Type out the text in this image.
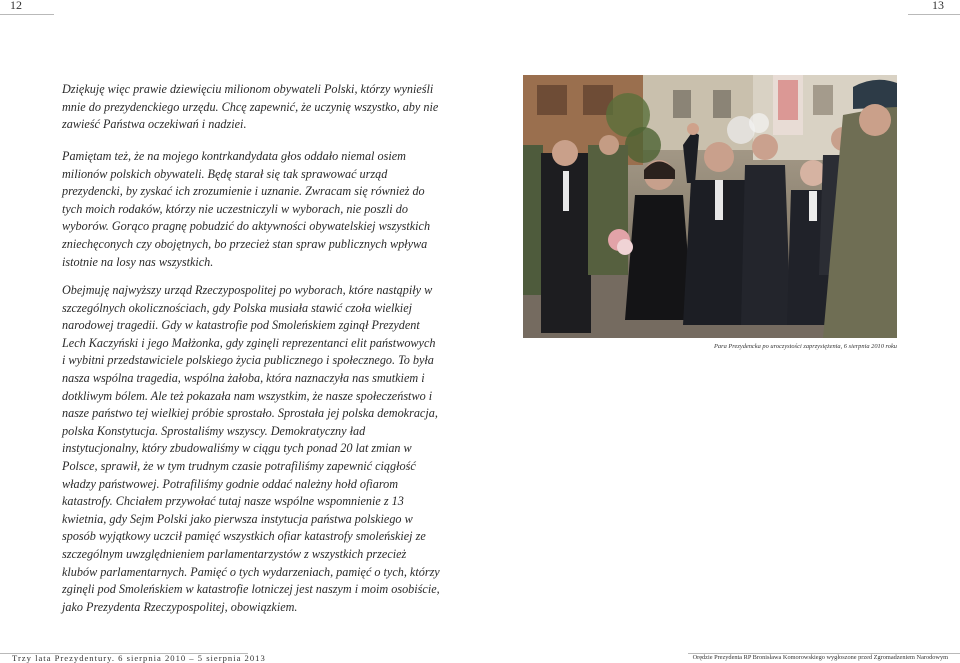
12	13

Dziękuję więc prawie dziewięciu milionom obywateli Polski, którzy wynieśli mnie do prezydenckiego urzędu. Chcę zapewnić, że uczynię wszystko, aby nie zawieść Państwa oczekiwań i nadziei.

Pamiętam też, że na mojego kontrkandydata głos oddało niemal osiem milionów polskich obywateli. Będę starał się tak sprawować urząd prezydencki, by zyskać ich zrozumienie i uznanie. Zwracam się również do tych moich rodaków, którzy nie uczestniczyli w wyborach, nie poszli do wyborów. Gorąco pragnę pobudzić do aktywności obywatelskiej wszystkich zniechęconych czy obojętnych, bo przecież stan spraw publicznych wpływa istotnie na losy nas wszystkich.

Obejmuję najwyższy urząd Rzeczypospolitej po wyborach, które nastąpiły w szczególnych okolicznościach, gdy Polska musiała stawić czoła wielkiej narodowej tragedii. Gdy w katastrofie pod Smoleńskiem zginął Prezydent Lech Kaczyński i jego Małżonka, gdy zginęli reprezentanci elit państwowych i wybitni przedstawiciele polskiego życia publicznego i społecznego. To była nasza wspólna tragedia, wspólna żałoba, która naznaczyła nas smutkiem i dotkliwym bólem. Ale też pokazała nam wszystkim, że nasze społeczeństwo i nasze państwo tej wielkiej próbie sprostało. Sprostała jej polska demokracja, polska Konstytucja. Sprostaliśmy wszyscy. Demokratyczny ład instytucjonalny, który zbudowaliśmy w ciągu tych ponad 20 lat zmian w Polsce, sprawił, że w tym trudnym czasie potrafiliśmy zapewnić ciągłość władzy państwowej. Potrafiliśmy godnie oddać należny hołd ofiarom katastrofy. Chciałem przywołać tutaj nasze wspólne wspomnienie z 13 kwietnia, gdy Sejm Polski jako pierwsza instytucja państwa polskiego w sposób wyjątkowy uczcił pamięć wszystkich ofiar katastrofy smoleńskiej ze szczególnym uwzględnieniem parlamentarzystów z wszystkich przecież klubów parlamentarnych. Pamięć o tych wydarzeniach, pamięć o tych, którzy zginęli pod Smoleńskiem w katastrofie lotniczej jest naszym i moim osobiście, jako Prezydenta Rzeczypospolitej, obowiązkiem.

Para Prezydencka po uroczystości zaprzysiężenia, 6 sierpnia 2010 roku
Trzy lata Prezydentury. 6 sierpnia 2010 – 5 sierpnia 2013	Orędzie Prezydenta RP Bronisława Komorowskiego wygłoszone przed Zgromadzeniem Narodowym
